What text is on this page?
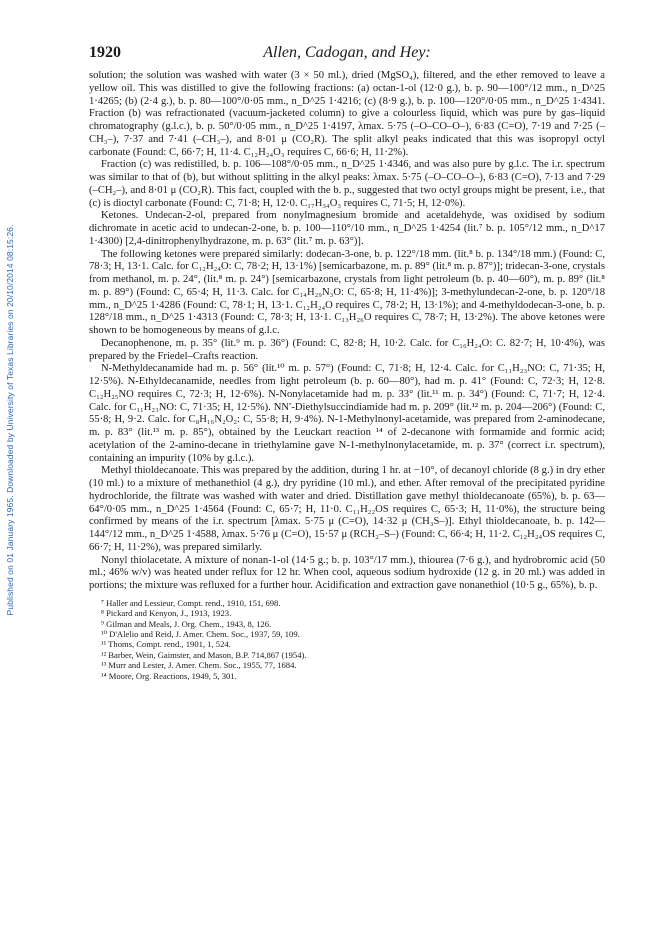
Published on 01 January 1965. Downloaded by University of Texas Libraries on 20/10/2014 08:15:26.
1920	Allen, Cadogan, and Hey:

solution; the solution was washed with water (3 × 50 ml.), dried (MgSO₄), filtered, and the ether removed to leave a yellow oil. This was distilled to give the following fractions: (a) octan-1-ol (12·0 g.), b. p. 90—100°/12 mm., n_D^25 1·4265; (b) (2·4 g.), b. p. 80—100°/0·05 mm., n_D^25 1·4216; (c) (8·9 g.), b. p. 100—120°/0·05 mm., n_D^25 1·4341. Fraction (b) was refractionated (vacuum-jacketed column) to give a colourless liquid, which was pure by gas–liquid chromatography (g.l.c.), b. p. 50°/0·05 mm., n_D^25 1·4197, λmax. 5·75 (–O–CO–O–), 6·83 (C=O), 7·19 and 7·25 (–CH₃–), 7·37 and 7·41 (–CH₃–), and 8·01 μ (CO₂R). The split alkyl peaks indicated that this was isopropyl octyl carbonate (Found: C, 66·7; H, 11·4. C₁₂H₂₄O₃ requires C, 66·6; H, 11·2%).

Fraction (c) was redistilled, b. p. 106—108°/0·05 mm., n_D^25 1·4346, and was also pure by g.l.c. The i.r. spectrum was similar to that of (b), but without splitting in the alkyl peaks: λmax. 5·75 (–O–CO–O–), 6·83 (C=O), 7·13 and 7·29 (–CH₂–), and 8·01 μ (CO₂R). This fact, coupled with the b. p., suggested that two octyl groups might be present, i.e., that (c) is dioctyl carbonate (Found: C, 71·8; H, 12·0. C₁₇H₃₄O₃ requires C, 71·5; H, 12·0%).

Ketones. Undecan-2-ol, prepared from nonylmagnesium bromide and acetaldehyde, was oxidised by sodium dichromate in acetic acid to undecan-2-one, b. p. 100—110°/10 mm., n_D^25 1·4254 (lit.⁷ b. p. 105°/12 mm., n_D^17 1·4300) [2,4-dinitrophenylhydrazone, m. p. 63° (lit.⁷ m. p. 63°)].

The following ketones were prepared similarly: dodecan-3-one, b. p. 122°/18 mm. (lit.⁸ b. p. 134°/18 mm.) (Found: C, 78·3; H, 13·1. Calc. for C₁₂H₂₄O: C, 78·2; H, 13·1%) [semicarbazone, m. p. 89° (lit.⁸ m. p. 87°)]; tridecan-3-one, crystals from methanol, m. p. 24°, (lit.⁸ m. p. 24°) [semicarbazone, crystals from light petroleum (b. p. 40—60°), m. p. 89° (lit.⁸ m. p. 89°) (Found: C, 65·4; H, 11·3. Calc. for C₁₄H₂₉N₃O: C, 65·8; H, 11·4%)]; 3-methylundecan-2-one, b. p. 120°/18 mm., n_D^25 1·4286 (Found: C, 78·1; H, 13·1. C₁₂H₂₄O requires C, 78·2; H, 13·1%); and 4-methyldodecan-3-one, b. p. 128°/18 mm., n_D^25 1·4313 (Found: C, 78·3; H, 13·1. C₁₃H₂₆O requires C, 78·7; H, 13·2%). The above ketones were shown to be homogeneous by means of g.l.c.

Decanophenone, m. p. 35° (lit.⁹ m. p. 36°) (Found: C, 82·8; H, 10·2. Calc. for C₁₆H₂₄O: C. 82·7; H, 10·4%), was prepared by the Friedel–Crafts reaction.

N-Methyldecanamide had m. p. 56° (lit.¹⁰ m. p. 57°) (Found: C, 71·8; H, 12·4. Calc. for C₁₁H₂₃NO: C, 71·35; H, 12·5%). N-Ethyldecanamide, needles from light petroleum (b. p. 60—80°), had m. p. 41° (Found: C, 72·3; H, 12·8. C₁₂H₂₅NO requires C, 72·3; H, 12·6%). N-Nonylacetamide had m. p. 33° (lit.¹¹ m. p. 34°) (Found: C, 71·7; H, 12·4. Calc. for C₁₁H₂₃NO: C, 71·35; H, 12·5%). NN′-Diethylsuccindiamide had m. p. 209° (lit.¹² m. p. 204—206°) (Found: C, 55·8; H, 9·2. Calc. for C₈H₁₆N₂O₂: C, 55·8; H, 9·4%). N-1-Methylnonyl-acetamide, was prepared from 2-aminodecane, m. p. 83° (lit.¹³ m. p. 85°), obtained by the Leuckart reaction ¹⁴ of 2-decanone with formamide and formic acid; acetylation of the 2-amino-decane in triethylamine gave N-1-methylnonylacetamide, m. p. 37° (correct i.r. spectrum), containing an impurity (10% by g.l.c.).

Methyl thioldecanoate. This was prepared by the addition, during 1 hr. at −10°, of decanoyl chloride (8 g.) in dry ether (10 ml.) to a mixture of methanethiol (4 g.), dry pyridine (10 ml.), and ether. After removal of the precipitated pyridine hydrochloride, the filtrate was washed with water and dried. Distillation gave methyl thioldecanoate (65%), b. p. 63—64°/0·05 mm., n_D^25 1·4564 (Found: C, 65·7; H, 11·0. C₁₁H₂₂OS requires C, 65·3; H, 11·0%), the structure being confirmed by means of the i.r. spectrum [λmax. 5·75 μ (C=O), 14·32 μ (CH₃S–)]. Ethyl thioldecanoate, b. p. 142—144°/12 mm., n_D^25 1·4588, λmax. 5·76 μ (C=O), 15·57 μ (RCH₂–S–) (Found: C, 66·4; H, 11·2. C₁₂H₂₄OS requires C, 66·7; H, 11·2%), was prepared similarly.

Nonyl thiolacetate. A mixture of nonan-1-ol (14·5 g.; b. p. 103°/17 mm.), thiourea (7·6 g.), and hydrobromic acid (50 ml.; 46% w/v) was heated under reflux for 12 hr. When cool, aqueous sodium hydroxide (12 g. in 20 ml.) was added in portions; the mixture was refluxed for a further hour. Acidification and extraction gave nonanethiol (10·5 g., 65%), b. p.

⁷ Haller and Lessieur, Compt. rend., 1910, 151, 698.
⁸ Pickard and Kenyon, J., 1913, 1923.
⁹ Gilman and Meals, J. Org. Chem., 1943, 8, 126.
¹⁰ D'Alelio and Reid, J. Amer. Chem. Soc., 1937, 59, 109.
¹¹ Thoms, Compt. rend., 1901, 1, 524.
¹² Barber, Wein, Gaimster, and Mason, B.P. 714,867 (1954).
¹³ Murr and Lester, J. Amer. Chem. Soc., 1955, 77, 1684.
¹⁴ Moore, Org. Reactions, 1949, 5, 301.
